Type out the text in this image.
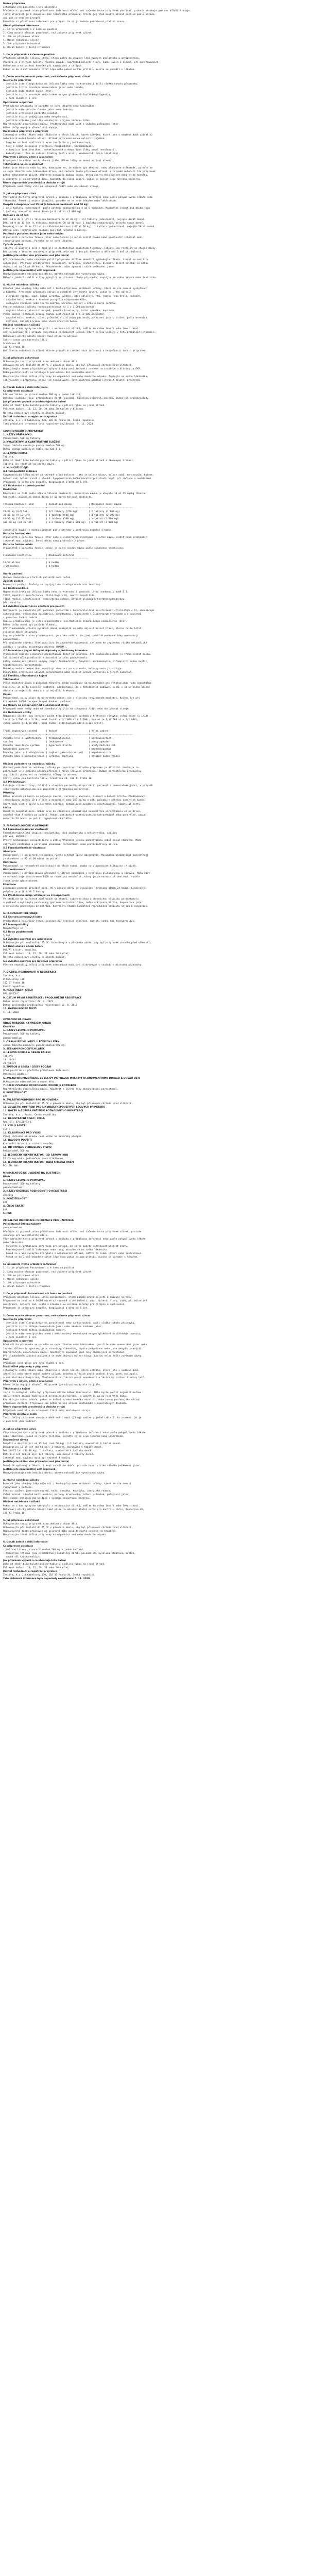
Název přípravku
Informace pro pacienta / pro uživatele
Přečtěte si pozorně celou příbalovou informaci dříve, než začnete tento přípravek používat, protože obsahuje pro Vás důležité údaje.
Tento přípravek je k dispozici bez lékařského předpisu. Přesto jej však musíte užívat pečlivě podle návodu,
aby Vám co nejvíce prospěl.
Ponechte si příbalovou informaci pro případ, že si ji budete potřebovat přečíst znovu.
Obsah příbalové informace
1. Co je přípravek a k čemu se používá
2. Čemu musíte věnovat pozornost, než začnete přípravek užívat
3. Jak se přípravek užívá
4. Možné nežádoucí účinky
5. Jak přípravek uchovávat
6. Obsah balení a další informace
1. Co je přípravek a k čemu se používá
Přípravek obsahuje léčivou látku, která patří do skupiny léků zvaných analgetika a antipyretika.
Používá se k mírnění bolesti různého původu, například bolesti hlavy, zubů, svalů a kloubů, při menstruačních
bolestech a ke snížení horečky při nachlazení a chřipce.
Pokud se do 3 dnů nebudete cítit lépe nebo pokud se Vám přitíží, musíte se poradit s lékařem.
2. Čemu musíte věnovat pozornost, než začnete přípravek užívat
Neužívejte přípravek
- jestliže jste alergický(á) na léčivou látku nebo na kteroukoli další složku tohoto přípravku,
- jestliže trpíte závažným onemocněním jater nebo ledvin,
- jestliže máte akutní zánět jater,
- jestliže trpíte vrozeným nedostatkem enzymu glukóza-6-fosfátdehydrogenázy,
- u dětí mladších 6 let.
Upozornění a opatření
Před užitím přípravku se poraďte se svým lékařem nebo lékárníkem:
- jestliže máte poruchu funkce jater nebo ledvin,
- jestliže pravidelně požíváte alkohol,
- jestliže trpíte podvýživou nebo dehydratací,
- jestliže užíváte jiné léky obsahující stejnou léčivou látku.
Nepřekračujte doporučenou dávku. Předávkování může vést k vážnému poškození jater.
Během léčby nepijte alkoholické nápoje.
Další léčivé přípravky a přípravek
Informujte svého lékaře nebo lékárníka o všech lécích, které užíváte, které jste v nedávné době užíval(a)
nebo které možná budete užívat. Účinek přípravku mohou ovlivnit zejména:
- léky ke snížení srážlivosti krve (warfarin a jiné kumariny),
- léky k léčbě epilepsie (fenytoin, fenobarbital, karbamazepin),
- rifampicin (antibiotikum), metoklopramid a domperidon (léky proti nevolnosti),
- kolestyramin (lék ke snížení hladiny tuků v krvi), probenecid (lék k léčbě dny).
Přípravek s jídlem, pitím a alkoholem
Přípravek lze užívat nezávisle na jídle. Během léčby se nesmí požívat alkohol.
Těhotenství, kojení a plodnost
Pokud jste těhotná nebo kojíte, domníváte se, že můžete být těhotná, nebo plánujete otěhotnět, poraďte se
se svým lékařem nebo lékárníkem dříve, než začnete tento přípravek užívat. V případě nutnosti lze přípravek
během těhotenství užívat. Užívejte nejnižší možnou dávku, která zmírní Vaši bolest nebo sníží horečku,
a užívejte ji co nejkratší dobu. Kontaktujte svého lékaře, pokud se bolest nebo horečka nezmírní.
Řízení dopravních prostředků a obsluha strojů
Přípravek nemá žádný vliv na schopnost řídit nebo obsluhovat stroje.
3. Jak se přípravek užívá
Vždy užívejte tento přípravek přesně v souladu s příbalovou informací nebo podle pokynů svého lékaře nebo
lékárníka. Pokud si nejste jistý(á), poraďte se se svým lékařem nebo lékárníkem.
Dospělí a dospívající od 15 let (s tělesnou hmotností nad 50 kg):
1 až 2 tablety jednorázově, podle potřeby opakovaně po 4 až 6 hodinách. Maximální jednotlivá dávka jsou
2 tablety, maximální denní dávka je 6 tablet (3 000 mg).
Děti od 6 do 15 let:
Děti od 6 do 9 let (s tělesnou hmotností 20 až 30 kg): 1/2 tablety jednorázově, nejvýše 4krát denně.
Děti od 9 do 12 let (s tělesnou hmotností 30 až 40 kg): 1 tableta jednorázově, nejvýše 4krát denně.
Dospívající od 12 do 15 let (s tělesnou hmotností 40 až 50 kg): 1 tableta jednorázově, nejvýše 5krát denně.
Odstup mezi jednotlivými dávkami musí být nejméně 4 hodiny.
Pacienti s poruchou funkce jater nebo ledvin:
U pacientů s poruchou funkce jater nebo ledvin je nutno snížit dávku nebo prodloužit interval mezi
jednotlivými dávkami. Poraďte se se svým lékařem.
Způsob podání
Tablety se polykají celé a zapíjejí se dostatečným množstvím tekutiny. Tabletu lze rozdělit na stejné dávky.
Bez porady s lékařem neužívejte přípravek déle než 3 dny při horečce a déle než 5 dnů při bolesti.
Jestliže jste užil(a) více přípravku, než jste měl(a)
Při předávkování nebo náhodném požití přípravku dítětem okamžitě vyhledejte lékaře, i když se necítíte
nemocný(á). Příznaky předávkování (nevolnost, zvracení, nechutenství, bledost, bolest břicha) se mohou
objevit až za 24 až 48 hodin. Předávkování může způsobit vážné poškození jater.
Jestliže jste zapomněl(a) užít přípravek
Nezdvojnásobujte následující dávku, abyste nahradil(a) vynechanou dávku.
Máte-li jakékoli další otázky týkající se užívání tohoto přípravku, zeptejte se svého lékaře nebo lékárníka.
4. Možné nežádoucí účinky
Podobně jako všechny léky může mít i tento přípravek nežádoucí účinky, které se ale nemusí vyskytnout
u každého. Přestaňte přípravek užívat a okamžitě vyhledejte lékaře, pokud se u Vás objeví:
- alergické reakce, např. kožní vyrážka, svědění, otok obličeje, rtů, jazyka nebo hrdla, dušnost,
- závažné kožní reakce s tvorbou puchýřů a olupováním kůže,
- neobvyklé krvácení nebo tvorba modřin, horečka, bolest v krku a časté infekce.
Vzácné nežádoucí účinky (mohou postihnout až 1 z 1 000 pacientů):
- zvýšení hladin jaterních enzymů, poruchy krvetvorby, kožní vyrážka, kopřivka.
Velmi vzácné nežádoucí účinky (mohou postihnout až 1 z 10 000 pacientů):
- závažné kožní reakce, zúžení průdušek u citlivých pacientů, poškození jater, snížení počtu krevních
destiček, bílých krvinek nebo všech krevních buněk.
Hlášení nežádoucích účinků
Pokud se u Vás vyskytne kterýkoli z nežádoucích účinků, sdělte to svému lékaři nebo lékárníkovi.
Stejně postupujte v případě jakýchkoli nežádoucích účinků, které nejsou uvedeny v této příbalové informaci.
Nežádoucí účinky můžete hlásit také přímo na adresu:
Státní ústav pro kontrolu léčiv
Šrobárova 48
100 41 Praha 10
Nahlášením nežádoucích účinků můžete přispět k získání více informací o bezpečnosti tohoto přípravku.
5. Jak přípravek uchovávat
Uchovávejte tento přípravek mimo dohled a dosah dětí.
Uchovávejte při teplotě do 25 °C v původním obalu, aby byl přípravek chráněn před vlhkostí.
Nepoužívejte tento přípravek po uplynutí doby použitelnosti uvedené na krabičce a blistru za EXP.
Doba použitelnosti se vztahuje k poslednímu dni uvedeného měsíce.
Nevyhazujte žádné léčivé přípravky do odpadních vod nebo domácího odpadu. Zeptejte se svého lékárníka,
jak naložit s přípravky, které již nepoužíváte. Tato opatření pomáhají chránit životní prostředí.
6. Obsah balení a další informace
Co přípravek obsahuje
Léčivou látkou je paracetamolum 500 mg v jedné tabletě.
Dalšími složkami jsou: předbobtnalý škrob, povidon, kyselina stearová, mastek, sodná sůl kroskarmelózy.
Jak přípravek vypadá a co obsahuje toto balení
Bílé až téměř bílé kulaté ploché tablety s půlicí rýhou na jedné straně.
Velikost balení: 10, 12, 20, 24 nebo 30 tablet v blistru.
Na trhu nemusí být všechny velikosti balení.
Držitel rozhodnutí o registraci a výrobce
Zentiva, k.s., U Kabelovny 130, 102 37 Praha 10, Česká republika
Tato příbalová informace byla naposledy revidována: 5. 11. 2020
SOUHRN ÚDAJŮ O PŘÍPRAVKU
1. NÁZEV PŘÍPRAVKU
Paracetamol 500 mg tablety
2. KVALITATIVNÍ A KVANTITATIVNÍ SLOŽENÍ
Jedna tableta obsahuje paracetamolum 500 mg.
Úplný seznam pomocných látek viz bod 6.1.
3. LÉKOVÁ FORMA
Tableta.
Bílé až téměř bílé kulaté ploché tablety s půlicí rýhou na jedné straně a zkosenými hranami.
Tabletu lze rozdělit na stejné dávky.
4. KLINICKÉ ÚDAJE
4.1 Terapeutické indikace
Symptomatická léčba mírné až středně silné bolesti, jako je bolest hlavy, bolest zubů, menstruační bolest,
bolest zad, bolest svalů a kloubů. Symptomatická léčba horečnatých stavů, např. při chřipce a nachlazení.
Přípravek je určen pro dospělé, dospívající a děti od 6 let.
4.2 Dávkování a způsob podání
Dávkování
Dávkování se řídí podle věku a tělesné hmotnosti. Jednotlivá dávka je obvykle 10 až 15 mg/kg tělesné
hmotnosti, maximální denní dávka je 60 mg/kg tělesné hmotnosti.
Tělesná hmotnost (věk)        | Jednotlivá dávka            | Maximální denní dávka
------------------------------+-----------------------------+------------------------------
20-30 kg (6-9 let)            | 1/2 tablety (250 mg)        | 2 tablety (1 000 mg)
30-40 kg (9-12 let)           | 1 tableta (500 mg)          | 4 tablety (2 000 mg)
40-50 kg (12-15 let)          | 1 tableta (500 mg)          | 5 tablet (2 500 mg)
nad 50 kg (od 15 let)         | 1-2 tablety (500-1 000 mg)  | 6 tablet (3 000 mg)
Jednotlivé dávky je možno opakovat podle potřeby v intervalu nejméně 4 hodin.
Porucha funkce jater
U pacientů s poruchou funkce jater nebo s Gilbertovým syndromem je nutné dávku snížit nebo prodloužit
interval mezi dávkami. Denní dávka nemá překročit 2 g/den.
Porucha funkce ledvin
U pacientů s poruchou funkce ledvin je nutné snížit dávku podle clearance kreatininu:
Clearance kreatininu          | Dávkovací interval
------------------------------+-----------------------------
10-50 ml/min                  | 6 hodin
< 10 ml/min                   | 8 hodin
Starší pacienti
Úprava dávkování u starších pacientů není nutná.
Způsob podání
Perorální podání. Tablety se zapíjejí dostatečným množstvím tekutiny.
4.3 Kontraindikace
Hypersenzitivita na léčivou látku nebo na kteroukoli pomocnou látku uvedenou v bodě 6.1.
Těžká hepatální insuficience (Child-Pugh > 9), akutní hepatitida.
Těžká renální insuficience. Hemolytická anémie. Deficit glukóza-6-fosfátdehydrogenázy.
Děti do 6 let.
4.4 Zvláštní upozornění a opatření pro použití
Opatrnosti je zapotřebí při podávání pacientům s hepatocelulární insuficiencí (Child-Pugh < 9), chronickým
alkoholismem, chronickou malnutricí, dehydratací, u pacientů s Gilbertovým syndromem a u pacientů
s poruchou funkce ledvin.
Riziko předávkování je vyšší u pacientů s necirhotickým alkoholickým onemocněním jater.
Během léčby nesmí být požíván alkohol.
Při dlouhodobém užívání vysokých dávek analgetik se může objevit bolest hlavy, kterou nelze léčit
zvýšením dávek přípravku.
Aby se předešlo riziku předávkování, je třeba ověřit, že jiné souběžně podávané léky neobsahují
paracetamol.
Při současném užívání flukloxacilinu je zapotřebí opatrnosti vzhledem ke zvýšenému riziku metabolické
acidózy s vysokou aniontovou mezerou (HAGMA).
4.5 Interakce s jinými léčivými přípravky a jiné formy interakce
Probenecid snižuje clearance paracetamolu téměř na polovinu. Při současném podání je třeba snížit dávku.
Salicylamid může prodloužit eliminační poločas paracetamolu.
Látky indukující jaterní enzymy (např. fenobarbital, fenytoin, karbamazepin, rifampicin) mohou zvýšit
hepatotoxicitu paracetamolu.
Metoklopramid a domperidon zrychlují absorpci paracetamolu, kolestyramin ji snižuje.
Dlouhodobé pravidelné užívání paracetamolu může zesílit účinek warfarinu a jiných kumarinů.
4.6 Fertilita, těhotenství a kojení
Těhotenství
Velké množství údajů o podávání těhotným ženám neukazuje na malformační ani fetotoxickou nebo neonatální
toxicitu. Je-li to klinicky nezbytné, paracetamol lze v těhotenství podávat, avšak v co nejnižší účinné
dávce a co nejkratší dobu a s co nejnižší frekvencí.
Kojení
Paracetamol se vylučuje do mateřského mléka, ale v klinicky nevýznamném množství. Kojení lze při
krátkodobé léčbě terapeutickými dávkami zachovat.
4.7 Účinky na schopnost řídit a obsluhovat stroje
Přípravek nemá žádný nebo má zanedbatelný vliv na schopnost řídit nebo obsluhovat stroje.
4.8 Nežádoucí účinky
Nežádoucí účinky jsou seřazeny podle tříd orgánových systémů a frekvence výskytu: velmi časté (≥ 1/10),
časté (≥ 1/100 až < 1/10), méně časté (≥ 1/1 000 až < 1/100), vzácné (≥ 1/10 000 až < 1/1 000),
velmi vzácné (< 1/10 000), není známo (z dostupných údajů nelze určit).
Třída orgánových systémů      | Vzácné                      | Velmi vzácné
------------------------------+-----------------------------+------------------------------
Poruchy krve a lymfatického   | trombocytopenie,            | agranulocytóza,
systému                       | leukopenie                  | pancytopenie
Poruchy imunitního systému    | hypersenzitivita            | anafylaktický šok
Respirační poruchy            |                             | bronchospazmus
Poruchy jater a žlučových cest| zvýšení jaterních enzymů    | hepatotoxicita
Poruchy kůže a podkožní tkáně | vyrážka, kopřivka           | závažné kožní reakce
Hlášení podezření na nežádoucí účinky
Hlášení podezření na nežádoucí účinky po registraci léčivého přípravku je důležité. Umožňuje to
pokračovat ve sledování poměru přínosů a rizik léčivého přípravku. Žádáme zdravotnické pracovníky,
aby hlásili podezření na nežádoucí účinky na adresu:
Státní ústav pro kontrolu léčiv, Šrobárova 48, 100 41 Praha 10
4.9 Předávkování
Existuje riziko otravy, zvláště u starších pacientů, malých dětí, pacientů s onemocněním jater, v případě
chronického alkoholismu a u pacientů s chronickou malnutricí.
Příznaky
Během prvních 24 hodin se objevuje nauzea, zvracení, anorexie, bledost a bolest břicha. Předávkování
jednorázovou dávkou 10 g a více u dospělých nebo 150 mg/kg u dětí způsobuje nekrózu jaterních buněk,
která může vést k úplné a nevratné nekróze, metabolické acidóze a encefalopatii, kómatu až smrti.
Léčba
Okamžitá hospitalizace. Odběr krve ke stanovení plazmatické koncentrace paracetamolu co nejdříve,
nejméně však 4 hodiny po požití. Podání antidota N-acetylcysteinu intravenózně nebo perorálně, pokud
možno do 10 hodin po požití. Symptomatická léčba.
5. FARMAKOLOGICKÉ VLASTNOSTI
5.1 Farmakodynamické vlastnosti
Farmakoterapeutická skupina: analgetika, jiná analgetika a antipyretika, anilidy
ATC kód: N02BE01
Přesný mechanismus analgetického a antipyretického účinku paracetamolu nebyl dosud stanoven. Může
zahrnovat centrální a periferní působení. Paracetamol nemá protizánětlivý účinek.
5.2 Farmakokinetické vlastnosti
Absorpce
Paracetamol je po perorálním podání rychle a téměř úplně absorbován. Maximální plazmatické koncentrace
je dosaženo za 30 až 60 minut po požití.
Distribuce
Paracetamol se rovnoměrně distribuuje do všech tkání. Vazba na plazmatické bílkoviny je nízká.
Biotransformace
Paracetamol je metabolizován převážně v játrech konjugací s kyselinou glukuronovou a sírovou. Malá část
se metabolizuje cytochromem P450 na reaktivní metabolit, který je za normálních okolností rychle
inaktivován glutathionem.
Eliminace
Eliminace probíhá převážně močí. 90 % podané dávky je vyloučeno ledvinami během 24 hodin. Eliminační
poločas je přibližně 2 hodiny.
5.3 Předklinické údaje vztahující se k bezpečnosti
Ve studiích na zvířatech zaměřených na akutní, subchronickou a chronickou toxicitu paracetamolu
u potkanů a myší byly pozorovány gastrointestinální léze, změny v krevním obraze, degenerace jater
a renálního parenchymu až nekróza. Konvenční studie hodnotící reprodukční toxicitu nejsou k dispozici.
6. FARMACEUTICKÉ ÚDAJE
6.1 Seznam pomocných látek
Předbobtnalý kukuřičný škrob, povidon 30, kyselina stearová, mastek, sodná sůl kroskarmelózy.
6.2 Inkompatibility
Neuplatňuje se.
6.3 Doba použitelnosti
5 let.
6.4 Zvláštní opatření pro uchovávání
Uchovávejte při teplotě do 25 °C. Uchovávejte v původním obalu, aby byl přípravek chráněn před vlhkostí.
6.5 Druh obalu a obsah balení
PVC/Al blistr, krabička.
Velikost balení: 10, 12, 20, 24 nebo 30 tablet.
Na trhu nemusí být všechny velikosti balení.
6.6 Zvláštní opatření pro likvidaci přípravku
Všechen nepoužitý léčivý přípravek nebo odpad musí být zlikvidován v souladu s místními požadavky.
7. DRŽITEL ROZHODNUTÍ O REGISTRACI
Zentiva, k.s.
U Kabelovny 130
102 37 Praha 10
Česká republika
8. REGISTRAČNÍ ČÍSLO
07/120/73-C
9. DATUM PRVNÍ REGISTRACE / PRODLOUŽENÍ REGISTRACE
Datum první registrace: 28. 3. 1973
Datum posledního prodloužení registrace: 12. 8. 2015
10. DATUM REVIZE TEXTU
5. 11. 2020
OZNAČENÍ NA OBALU
ÚDAJE UVÁDĚNÉ NA VNĚJŠÍM OBALU
Krabička
1. NÁZEV LÉČIVÉHO PŘÍPRAVKU
Paracetamol 500 mg tablety
paracetamolum
2. OBSAH LÉČIVÉ LÁTKY / LÉČIVÝCH LÁTEK
Jedna tableta obsahuje paracetamolum 500 mg.
3. SEZNAM POMOCNÝCH LÁTEK
4. LÉKOVÁ FORMA A OBSAH BALENÍ
Tablety
10 tablet
20 tablet
5. ZPŮSOB A CESTA / CESTY PODÁNÍ
Před použitím si přečtěte příbalovou informaci.
Perorální podání.
6. ZVLÁŠTNÍ UPOZORNĚNÍ, ŽE LÉČIVÝ PŘÍPRAVEK MUSÍ BÝT UCHOVÁVÁN MIMO DOHLED A DOSAH DĚTÍ
Uchovávejte mimo dohled a dosah dětí.
7. DALŠÍ ZVLÁŠTNÍ UPOZORNĚNÍ, POKUD JE POTŘEBNÉ
Nepřekračujte doporučenou dávku. Neužívat s jinými léky obsahujícími paracetamol.
8. POUŽITELNOST
EXP
9. ZVLÁŠTNÍ PODMÍNKY PRO UCHOVÁVÁNÍ
Uchovávejte při teplotě do 25 °C v původním obalu, aby byl přípravek chráněn před vlhkostí.
10. ZVLÁŠTNÍ OPATŘENÍ PRO LIKVIDACI NEPOUŽITÝCH LÉČIVÝCH PŘÍPRAVKŮ
11. NÁZEV A ADRESA DRŽITELE ROZHODNUTÍ O REGISTRACI
Zentiva, k.s., Praha, Česká republika
12. REGISTRAČNÍ ČÍSLO / ČÍSLA
Reg. č.: 07/120/73-C
13. ČÍSLO ŠARŽE
Č.š.:
14. KLASIFIKACE PRO VÝDEJ
Výdej léčivého přípravku není vázán na lékařský předpis.
15. NÁVOD K POUŽITÍ
K mírnění bolesti a snížení horečky.
16. INFORMACE V BRAILLOVĚ PÍSMU
Paracetamol 500 mg
17. JEDINEČNÝ IDENTIFIKÁTOR - 2D ČÁROVÝ KÓD
2D čárový kód s jedinečným identifikátorem.
18. JEDINEČNÝ IDENTIFIKÁTOR - DATA ČITELNÁ OKEM
PC: SN: NN:
MINIMÁLNÍ ÚDAJE UVÁDĚNÉ NA BLISTRECH
Blistr
1. NÁZEV LÉČIVÉHO PŘÍPRAVKU
Paracetamol 500 mg tablety
paracetamolum
2. NÁZEV DRŽITELE ROZHODNUTÍ O REGISTRACI
Zentiva
3. POUŽITELNOST
EXP
4. ČÍSLO ŠARŽE
Lot
5. JINÉ
PŘÍBALOVÁ INFORMACE: INFORMACE PRO UŽIVATELE
Paracetamol 500 mg tablety
paracetamolum
Přečtěte si pozorně celou příbalovou informaci dříve, než začnete tento přípravek užívat, protože
obsahuje pro Vás důležité údaje.
Vždy užívejte tento přípravek přesně v souladu s příbalovou informací nebo podle pokynů svého lékaře
nebo lékárníka.
- Ponechte si příbalovou informaci pro případ, že si ji budete potřebovat přečíst znovu.
- Potřebujete-li další informace nebo radu, obraťte se na svého lékárníka.
- Pokud se u Vás vyskytne kterýkoli z nežádoucích účinků, sdělte to svému lékaři nebo lékárníkovi.
- Pokud se do 3 dnů nebudete cítit lépe nebo pokud se Vám přitíží, musíte se poradit s lékařem.
Co naleznete v této příbalové informaci
1. Co je přípravek Paracetamol a k čemu se používá
2. Čemu musíte věnovat pozornost, než začnete přípravek užívat
3. Jak se přípravek užívá
4. Možné nežádoucí účinky
5. Jak přípravek uchovávat
6. Obsah balení a další informace
1. Co je přípravek Paracetamol a k čemu se používá
Přípravek obsahuje léčivou látku paracetamol, která působí proti bolesti a snižuje horečku.
Přípravek se používá k léčbě mírné až středně silné bolesti, např. bolesti hlavy, zubů, při bolestivé
menstruaci, bolesti zad, svalů a kloubů a ke snížení horečky při chřipce a nachlazení.
Přípravek je určen pro dospělé, dospívající a děti od 6 let.
2. Čemu musíte věnovat pozornost, než začnete přípravek užívat
Neužívejte přípravek:
- jestliže jste alergický(á) na paracetamol nebo na kteroukoli další složku tohoto přípravku,
- jestliže trpíte těžkým onemocněním jater nebo akutním zánětem jater,
- jestliže trpíte těžkým onemocněním ledvin,
- jestliže máte hemolytickou anémii nebo vrozený nedostatek enzymu glukóza-6-fosfátdehydrogenázy,
- u dětí mladších 6 let.
Upozornění a opatření
Před užitím přípravku se poraďte se svým lékařem nebo lékárníkem, jestliže máte onemocnění jater nebo
ledvin, Gilbertův syndrom, jste chronický alkoholik, trpíte podvýživou nebo jste dehydratovaný(á).
Nepřekračujte doporučenou dávku. Neužívejte současně jiné léky obsahující paracetamol.
Při dlouhodobém užívání analgetik se může objevit bolest hlavy, kterou nelze léčit zvýšením dávky.
Děti
Přípravek není určen pro děti mladší 6 let.
Další léčivé přípravky a přípravek
Informujte svého lékaře nebo lékárníka o všech lécích, které užíváte, které jste v nedávné době
užíval(a) nebo které možná budete užívat, zejména o lécích proti srážení krve, proti epilepsii,
o antibiotiku rifampicinu, flukloxacilinu, lécích proti nevolnosti a lécích ke snížení hladiny tuků.
Přípravek s jídlem, pitím a alkoholem
Během léčby nepijte alkohol. Přípravek lze užívat nezávisle na jídle.
Těhotenství a kojení
Je-li to nezbytné, může být přípravek užíván během těhotenství. Měla byste použít nejnižší možnou
dávku, která zmírní Vaši bolest a/nebo sníží horečku, a užívat ji po co nejkratší dobu.
Kontaktujte svého lékaře, pokud se bolest a/nebo horečka nezmírní, nebo pokud potřebujete užívat
přípravek častěji. Přípravek lze během kojení užívat krátkodobě v doporučených dávkách.
Řízení dopravních prostředků a obsluha strojů
Přípravek nemá vliv na schopnost řídit nebo obsluhovat stroje.
Přípravek obsahuje sodík
Tento léčivý přípravek obsahuje méně než 1 mmol (23 mg) sodíku v jedné tabletě, to znamená, že je
v podstatě „bez sodíku“.
3. Jak se přípravek užívá
Vždy užívejte tento přípravek přesně v souladu s příbalovou informací nebo podle pokynů svého lékaře
nebo lékárníka. Pokud si nejste jistý(á), poraďte se se svým lékařem nebo lékárníkem.
Doporučená dávka
Dospělí a dospívající od 15 let (nad 50 kg): 1-2 tablety, maximálně 6 tablet denně.
Dospívající 12-15 let (40-50 kg): 1 tableta, maximálně 5 tablet denně.
Děti 9-12 let (30-40 kg): 1 tableta, maximálně 4 tablety denně.
Děti 6-9 let (20-30 kg): 1/2 tablety, maximálně 2 tablety denně.
Interval mezi dávkami musí být nejméně 4 hodiny.
Jestliže jste užil(a) více přípravku, než jste měl(a)
Okamžitě vyhledejte lékaře, i když se cítíte dobře, protože hrozí riziko vážného poškození jater.
Jestliže jste zapomněl(a) užít přípravek
Nezdvojnásobujte následující dávku, abyste nahradil(a) vynechanou dávku.
4. Možné nežádoucí účinky
Podobně jako všechny léky může mít i tento přípravek nežádoucí účinky, které se ale nemusí
vyskytnout u každého.
Vzácné: zvýšení jaterních enzymů, kožní vyrážka, kopřivka, alergické reakce.
Velmi vzácné: závažné kožní reakce, poruchy krvetvorby, zúžení průdušek, poškození jater.
Není známo: metabolická acidóza s vysokou aniontovou mezerou.
Hlášení nežádoucích účinků
Pokud se u Vás vyskytne kterýkoli z nežádoucích účinků, sdělte to svému lékaři nebo lékárníkovi.
Nežádoucí účinky můžete hlásit také přímo na adresu: Státní ústav pro kontrolu léčiv, Šrobárova 48,
100 41 Praha 10.
5. Jak přípravek uchovávat
Uchovávejte tento přípravek mimo dohled a dosah dětí.
Uchovávejte při teplotě do 25 °C v původním obalu, aby byl přípravek chráněn před vlhkostí.
Nepoužívejte tento přípravek po uplynutí doby použitelnosti uvedené na krabičce.
Nevyhazujte žádné léčivé přípravky do odpadních vod nebo domácího odpadu.
6. Obsah balení a další informace
Co přípravek obsahuje
- Léčivou látkou je paracetamolum 500 mg v jedné tabletě.
- Pomocnými látkami jsou předbobtnalý kukuřičný škrob, povidon 30, kyselina stearová, mastek,
sodná sůl kroskarmelózy.
Jak přípravek vypadá a co obsahuje toto balení
Bílé až téměř bílé kulaté ploché tablety s půlicí rýhou na jedné straně.
Velikost balení: 10, 12, 20, 24 nebo 30 tablet.
Držitel rozhodnutí o registraci a výrobce
Zentiva, k.s., U Kabelovny 130, 102 37 Praha 10, Česká republika
Tato příbalová informace byla naposledy revidována: 5. 11. 2020
